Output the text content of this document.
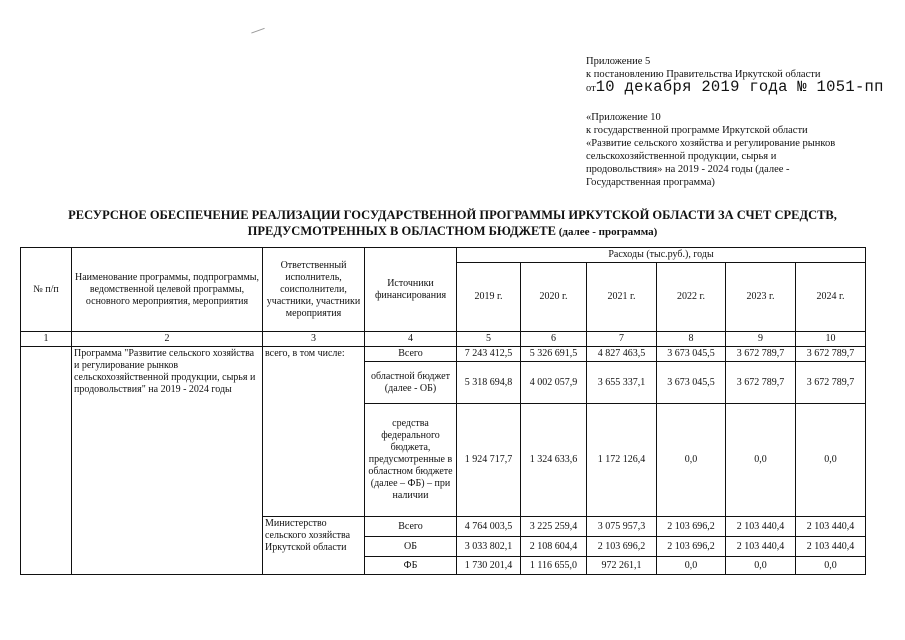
Приложение 5
к постановлению Правительства Иркутской области
от10 декабря 2019 года № 1051-пп
«Приложение 10
к государственной программе Иркутской области
«Развитие сельского хозяйства и регулирование рынков
сельскохозяйственной продукции, сырья и
продовольствия» на 2019 - 2024 годы (далее -
Государственная программа)
РЕСУРСНОЕ ОБЕСПЕЧЕНИЕ РЕАЛИЗАЦИИ ГОСУДАРСТВЕННОЙ ПРОГРАММЫ ИРКУТСКОЙ ОБЛАСТИ ЗА СЧЕТ СРЕДСТВ,
ПРЕДУСМОТРЕННЫХ В ОБЛАСТНОМ БЮДЖЕТЕ (далее - программа)
№ п/п	Наименование программы, подпрограммы, ведомственной целевой программы, основного мероприятия, мероприятия	Ответственный исполнитель, соисполнители, участники, участники мероприятия	Источники финансирования	Расходы (тыс.руб.), годы					
				2019 г.	2020 г.	2021 г.	2022 г.	2023 г.	2024 г.
1	2	3	4	5	6	7	8	9	10
	Программа "Развитие сельского хозяйства и регулирование рынков сельскохозяйственной продукции, сырья и продовольствия" на 2019 - 2024 годы	всего, в том числе:	Всего	7 243 412,5	5 326 691,5	4 827 463,5	3 673 045,5	3 672 789,7	3 672 789,7
			областной бюджет (далее - ОБ)	5 318 694,8	4 002 057,9	3 655 337,1	3 673 045,5	3 672 789,7	3 672 789,7
			средства федерального бюджета, предусмотренные в областном бюджете (далее – ФБ) – при наличии	1 924 717,7	1 324 633,6	1 172 126,4	0,0	0,0	0,0
		Министерство сельского хозяйства Иркутской области	Всего	4 764 003,5	3 225 259,4	3 075 957,3	2 103 696,2	2 103 440,4	2 103 440,4
			ОБ	3 033 802,1	2 108 604,4	2 103 696,2	2 103 696,2	2 103 440,4	2 103 440,4
			ФБ	1 730 201,4	1 116 655,0	972 261,1	0,0	0,0	0,0
